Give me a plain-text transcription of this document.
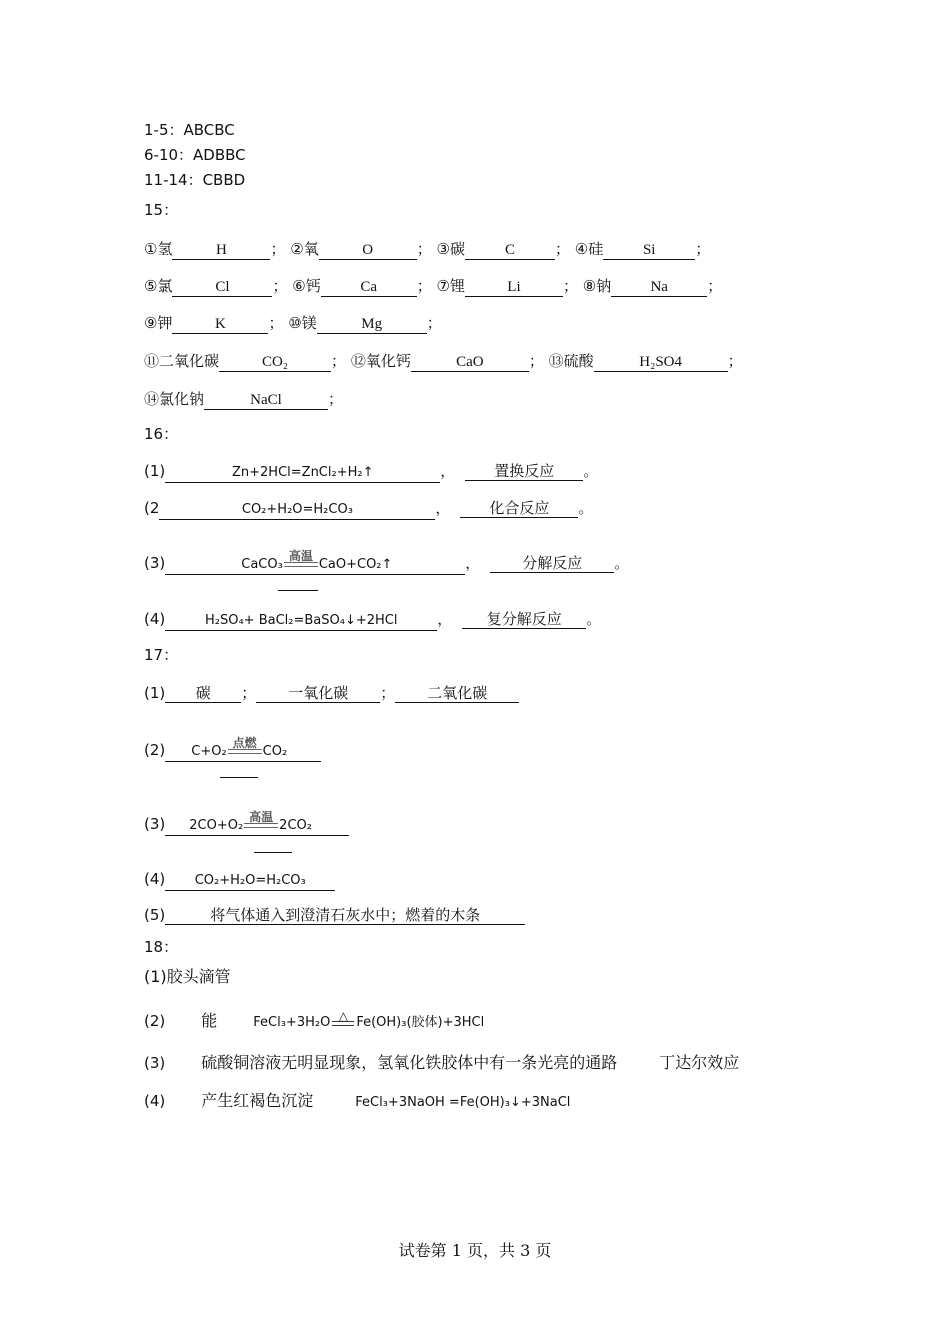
1-5：ABCBC
6-10：ADBBC
11-14：CBBD
15：
①氢	H	； ②氧	O	； ③碳	C	； ④硅	Si	；
⑤氯	Cl	； ⑥钙	Ca	； ⑦锂	Li	； ⑧钠	Na	；
⑨钾	K	； ⑩镁	Mg	；
⑪二氧化碳	CO₂	； ⑫氧化钙	CaO	； ⑬硫酸	H₂SO4	；
⑭氯化钠	NaCl	；
16：
(1)	Zn+2HCl=ZnCl₂+H₂↑	，	置换反应 。
(2	CO₂+H₂O=H₂CO₃	，	化合反应 。
(3)	CaCO₃
高温
CaO+CO₂↑	，	分解反应 。
(4)	H₂SO₄+ BaCl₂=BaSO₄↓+2HCl	， 复分解反应 。
17：
(1) 碳 ； 一氧化碳 ； 二氧化碳
(2) C+O₂
点燃
CO₂
(3) 2CO+O₂
高温
2CO₂
(4) CO₂+H₂O=H₂CO₃
(5)	将气体通入到澄清石灰水中；燃着的木条
18：
(1)胶头滴管
(2) 能	FeCl₃+3H₂O △ Fe(OH)₃(胶体)+3HCl
(3) 硫酸铜溶液无明显现象，氢氧化铁胶体中有一条光亮的通路	丁达尔效应
(4) 产生红褐色沉淀	FeCl₃+3NaOH =Fe(OH)₃↓+3NaCl
试卷第 1 页，共 3 页
